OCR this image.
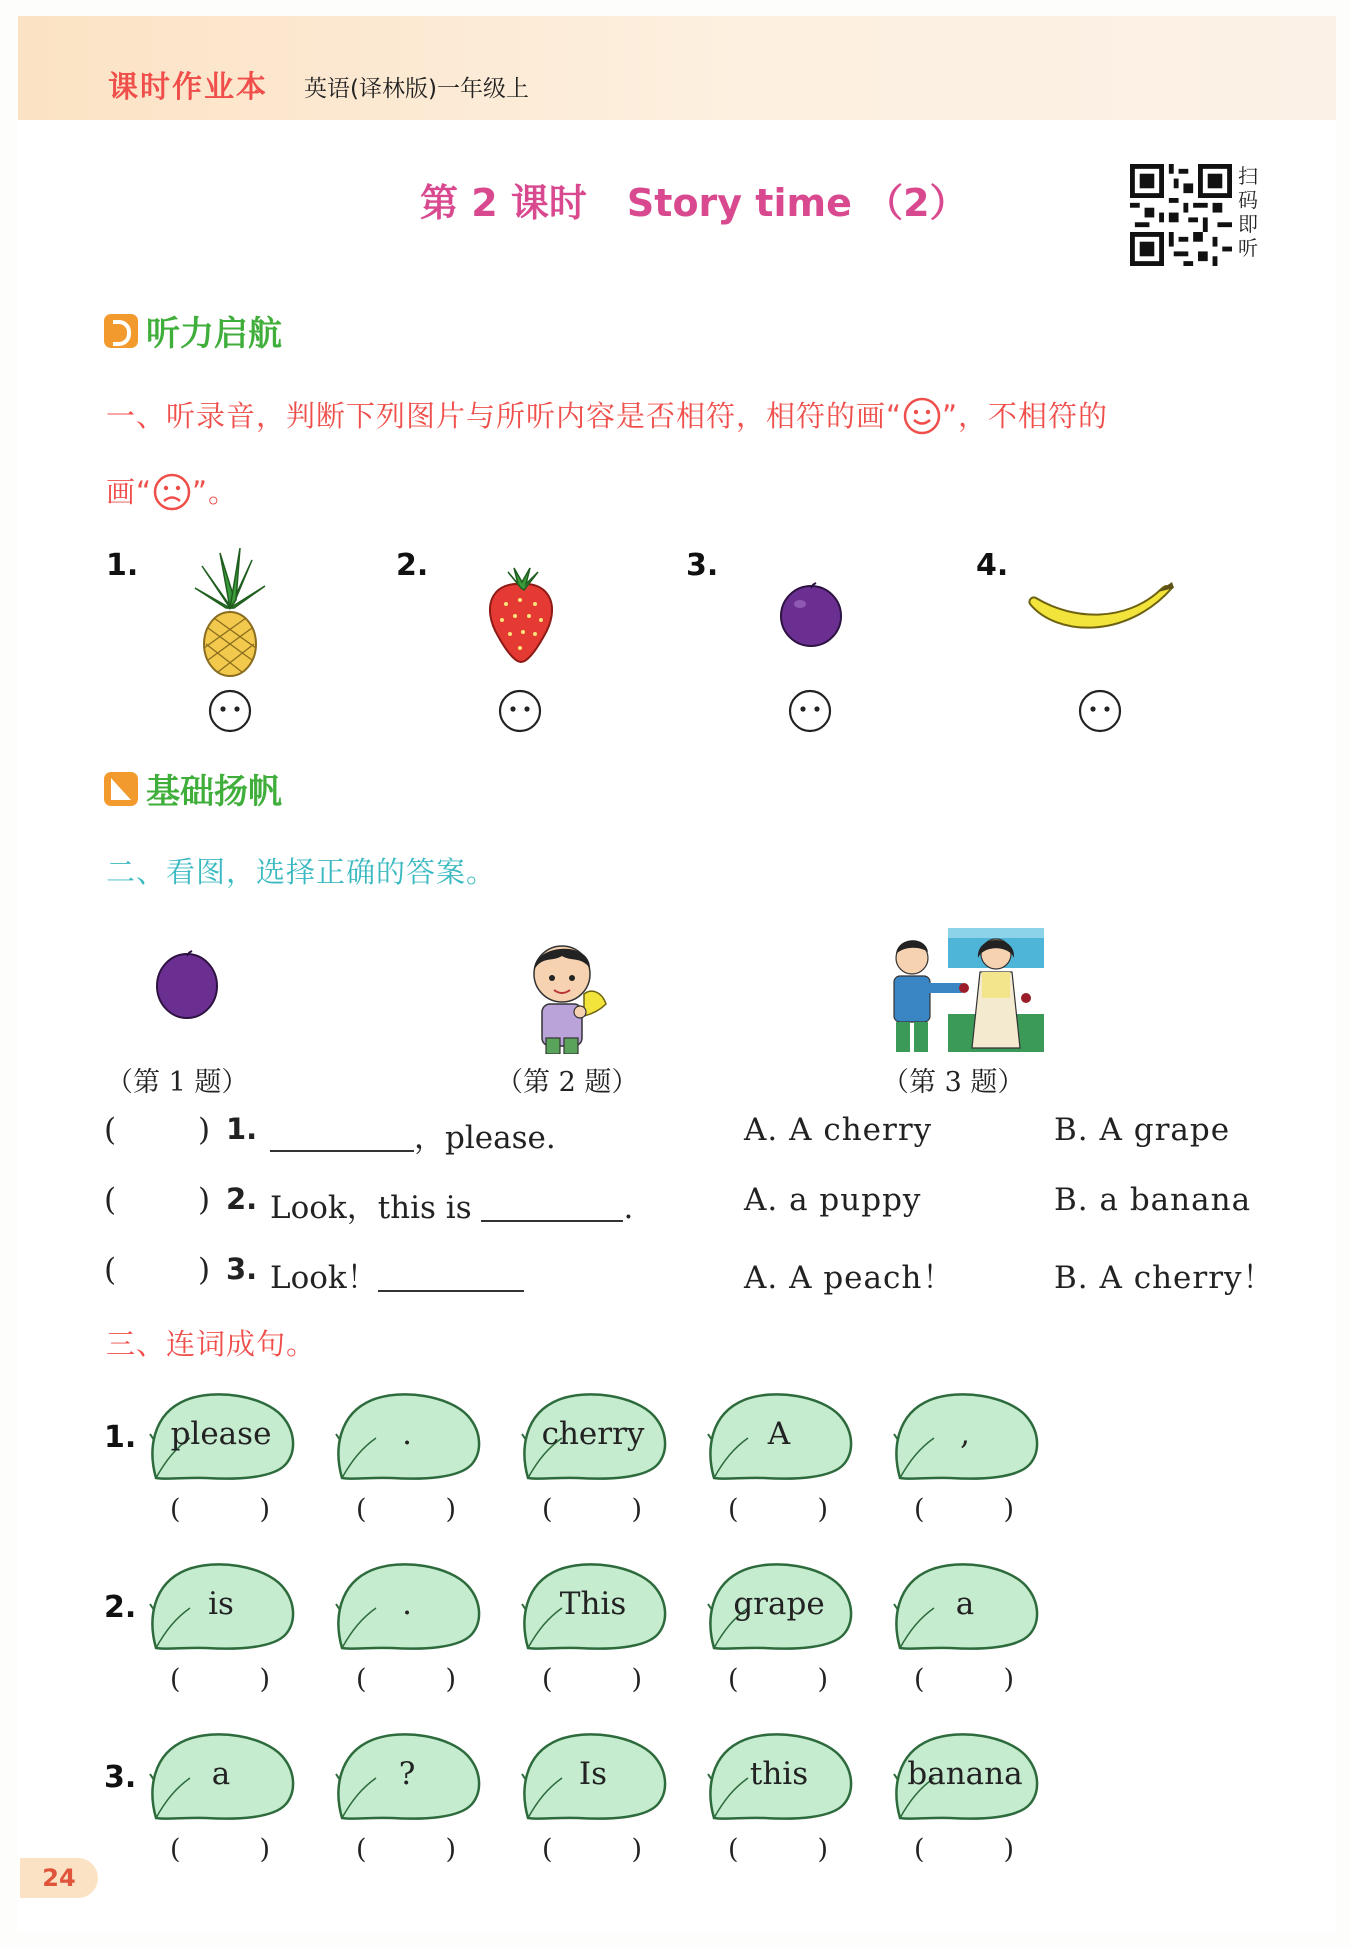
课时作业本 英语(译林版)一年级上
第 2 课时 Story time （2）
扫码即听
听力启航
一、听录音，判断下列图片与所听内容是否相符，相符的画“ ”，不相符的
画“ ”。
1.	2.	3.	4.
基础扬帆
二、看图，选择正确的答案。
（第 1 题）	（第 2 题）	（第 3 题）
(	) 1.	，please.	A. A cherry	B. A grape
(	) 2. Look，this is	.	A. a puppy	B. a banana
(	) 3. Look！	A. A peach！	B. A cherry！
三、连词成句。
1.	please
(	)
.
(	)
cherry
(	)
A
(	)
,
(	)
2.	is
(	)
.
(	)
This
(	)
grape
(	)
a
(	)
3.	a
(	)
?
(	)
Is
(	)
this
(	)
banana
(	)
24
